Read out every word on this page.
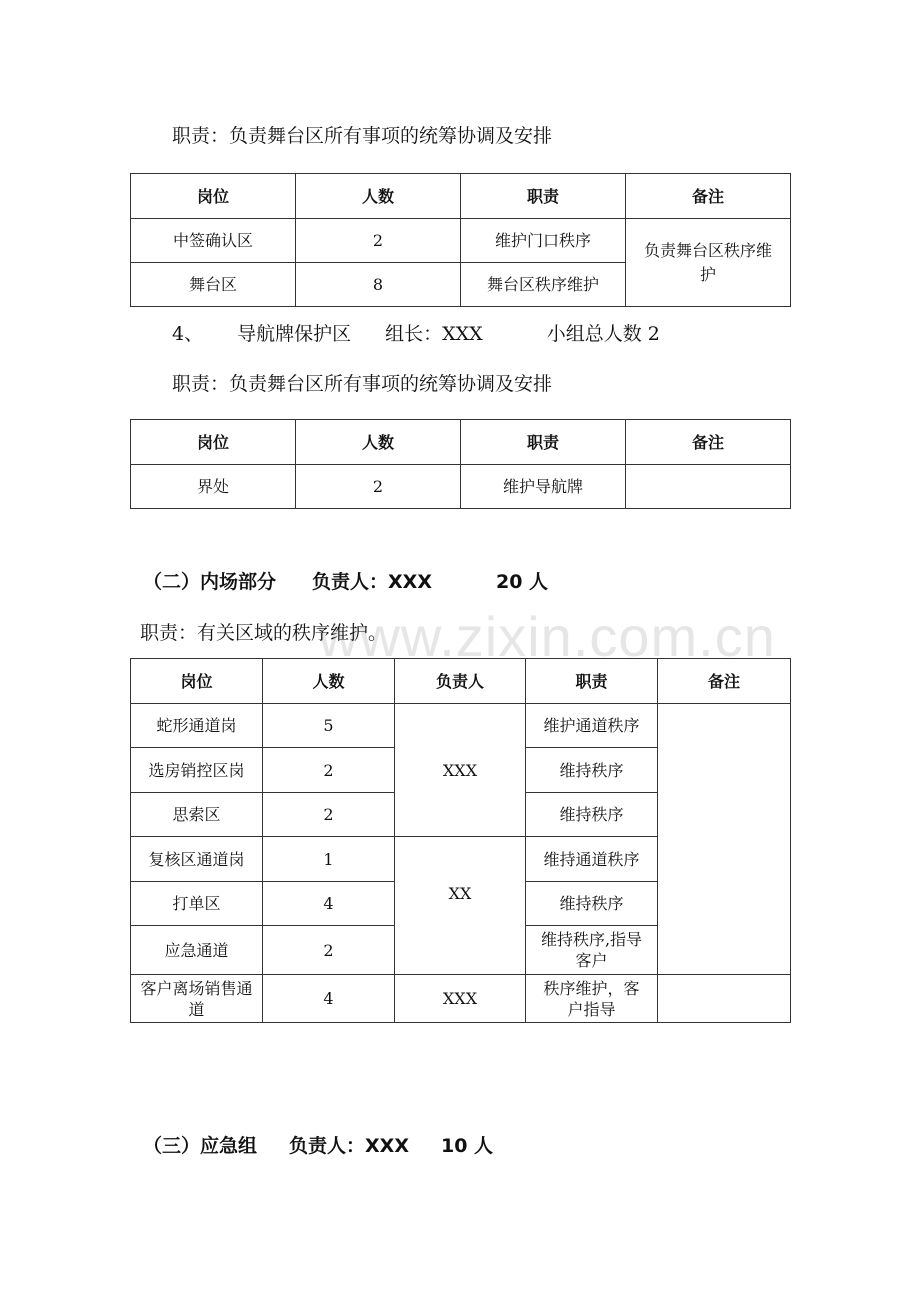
www.zixin.com.cn
职责：负责舞台区所有事项的统筹协调及安排
岗位	人数	职责	备注
中签确认区	2	维护门口秩序	负责舞台区秩序维护
舞台区	8	舞台区秩序维护	
4、 导航牌保护区 组长：XXX	小组总人数 2
职责：负责舞台区所有事项的统筹协调及安排
岗位	人数	职责	备注
界处	2	维护导航牌	
（二）内场部分 负责人：XXX	20 人
职责：有关区域的秩序维护。
岗位	人数	负责人	职责	备注
蛇形通道岗	5	XXX	维护通道秩序	
选房销控区岗	2		维持秩序	
思索区	2		维持秩序	
复核区通道岗	1	XX	维持通道秩序	
打单区	4		维持秩序	
应急通道	2		维持秩序,指导客户	
客户离场销售通道	4	XXX	秩序维护，客户指导	
（三）应急组 负责人：XXX 10 人
